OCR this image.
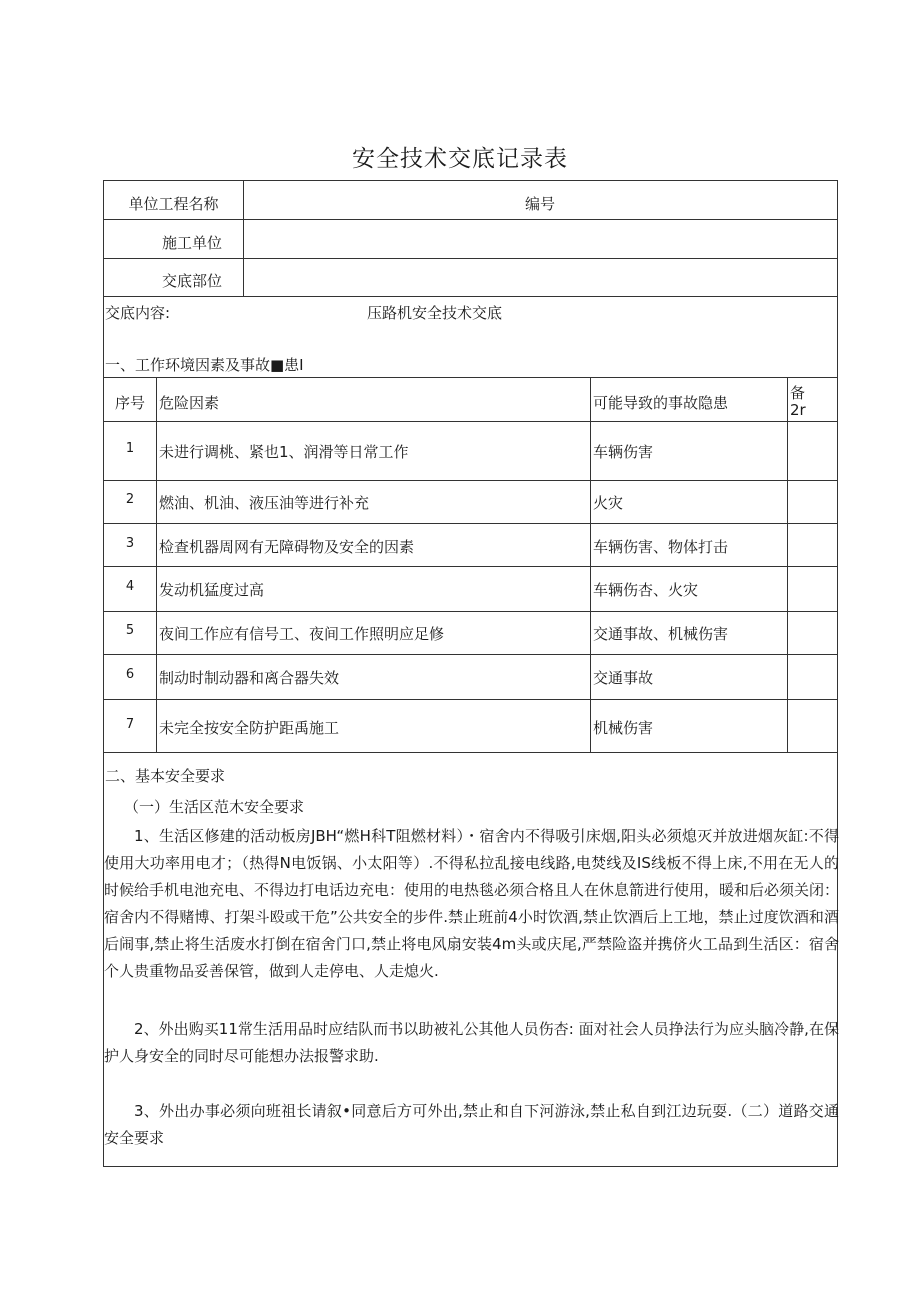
安全技术交底记录表
单位工程名称	编号
施工单位
交底部位
交底内容:	压路机安全技术交底
一、工作环境因素及事故■患I
序号 危险因素	可能导致的事故隐患
备
2r
1	未进行调桃、紧也1、润滑等日常工作	车辆伤害
2	燃油、机油、液压油等进行补充	火灾
3	检查机器周网有无障碍物及安全的因素	车辆伤害、物体打击
4	发动机猛度过高	车辆伤杏、火灾
5	夜间工作应有信号工、夜间工作照明应足修	交通事故、机械伤害
6	制动时制动器和离合器失效	交通事故
7	未完全按安全防护距禹施工	机械伤害
二、基本安全要求
（一）生活区范木安全要求
1、生活区修建的活动板房JBH“燃H科T阻燃材料）・宿舍内不得吸引床烟,阳头必须熄灭并放进烟灰缸:不得使用大功率用电才；（热得N电饭锅、小太阳等）.不得私拉乱接电线路,电焚线及IS线板不得上床,不用在无人的时候给手机电池充电、不得边打电话边充电：使用的电热毯必须合格且人在休息箭进行使用，暖和后必须关闭：宿舍内不得赌博、打架斗殴或干危”公共安全的步件.禁止班前4小时饮酒,禁止饮酒后上工地，禁止过度饮酒和酒后闹事,禁止将生活废水打倒在宿舍门口,禁止将电风扇安装4m头或庆尾,严禁险盗并携侪火工品到生活区：宿舍个人贵重物品妥善保管，做到人走停电、人走熄火.
2、外出购买11常生活用品时应结队而书以助被礼公其他人员伤杏: 面对社会人员挣法行为应头脑冷静,在保护人身安全的同时尽可能想办法报警求助.
3、外出办事必须向班祖长请叙•同意后方可外出,禁止和自下河游泳,禁止私自到江边玩耍.（二）道路交通安全要求
